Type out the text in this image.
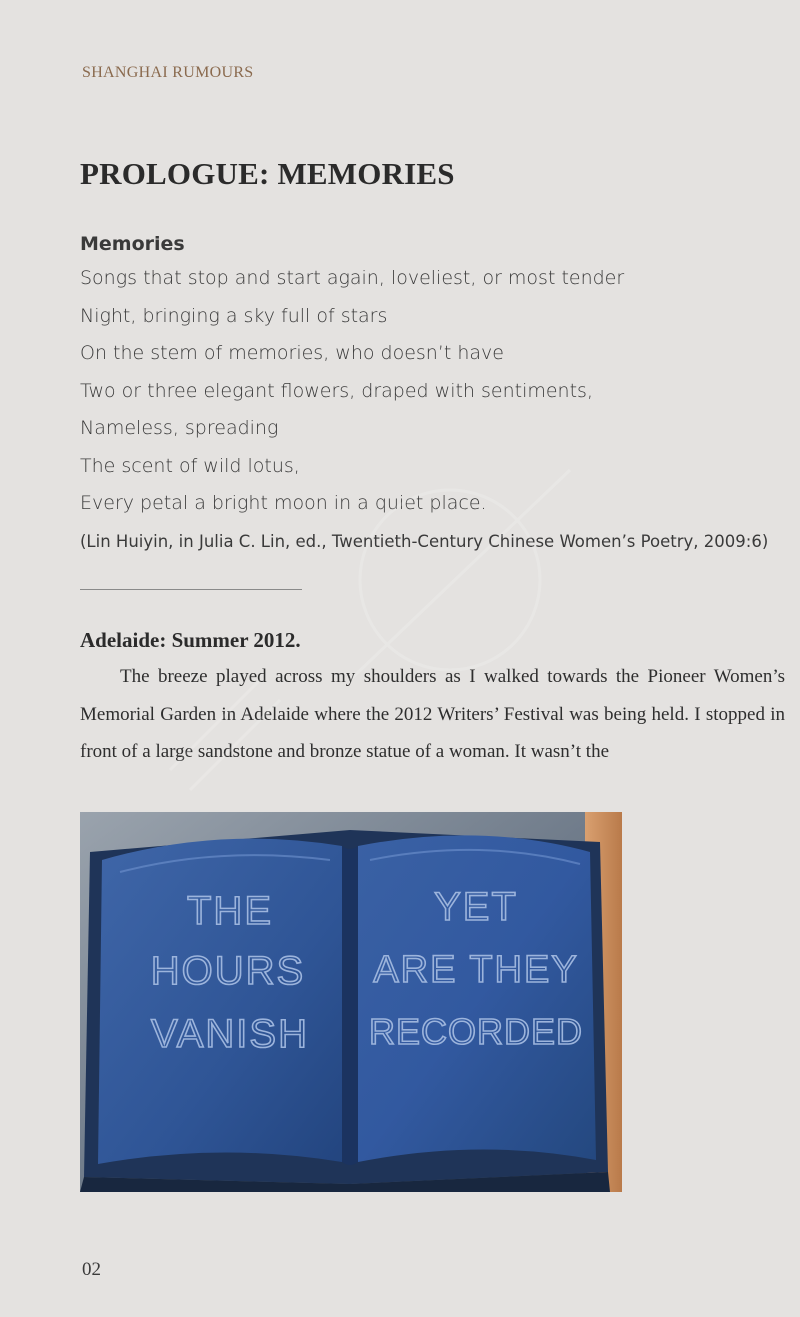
SHANGHAI RUMOURS
PROLOGUE: MEMORIES
Memories
Songs that stop and start again, loveliest, or most tender
Night, bringing a sky full of stars
On the stem of memories, who doesn’t have
Two or three elegant flowers, draped with sentiments,
Nameless, spreading
The scent of wild lotus,
Every petal a bright moon in a quiet place.
(Lin Huiyin, in Julia C. Lin, ed., Twentieth-Century Chinese Women’s Poetry, 2009:6)
Adelaide: Summer 2012.

The breeze played across my shoulders as I walked towards the Pioneer Women’s Memorial Garden in Adelaide where the 2012 Writers’ Festival was being held. I stopped in front of a large sandstone and bronze statue of a woman. It wasn’t the

THE
HOURS
VANISH
YET
ARE THEY
RECORDED
02
